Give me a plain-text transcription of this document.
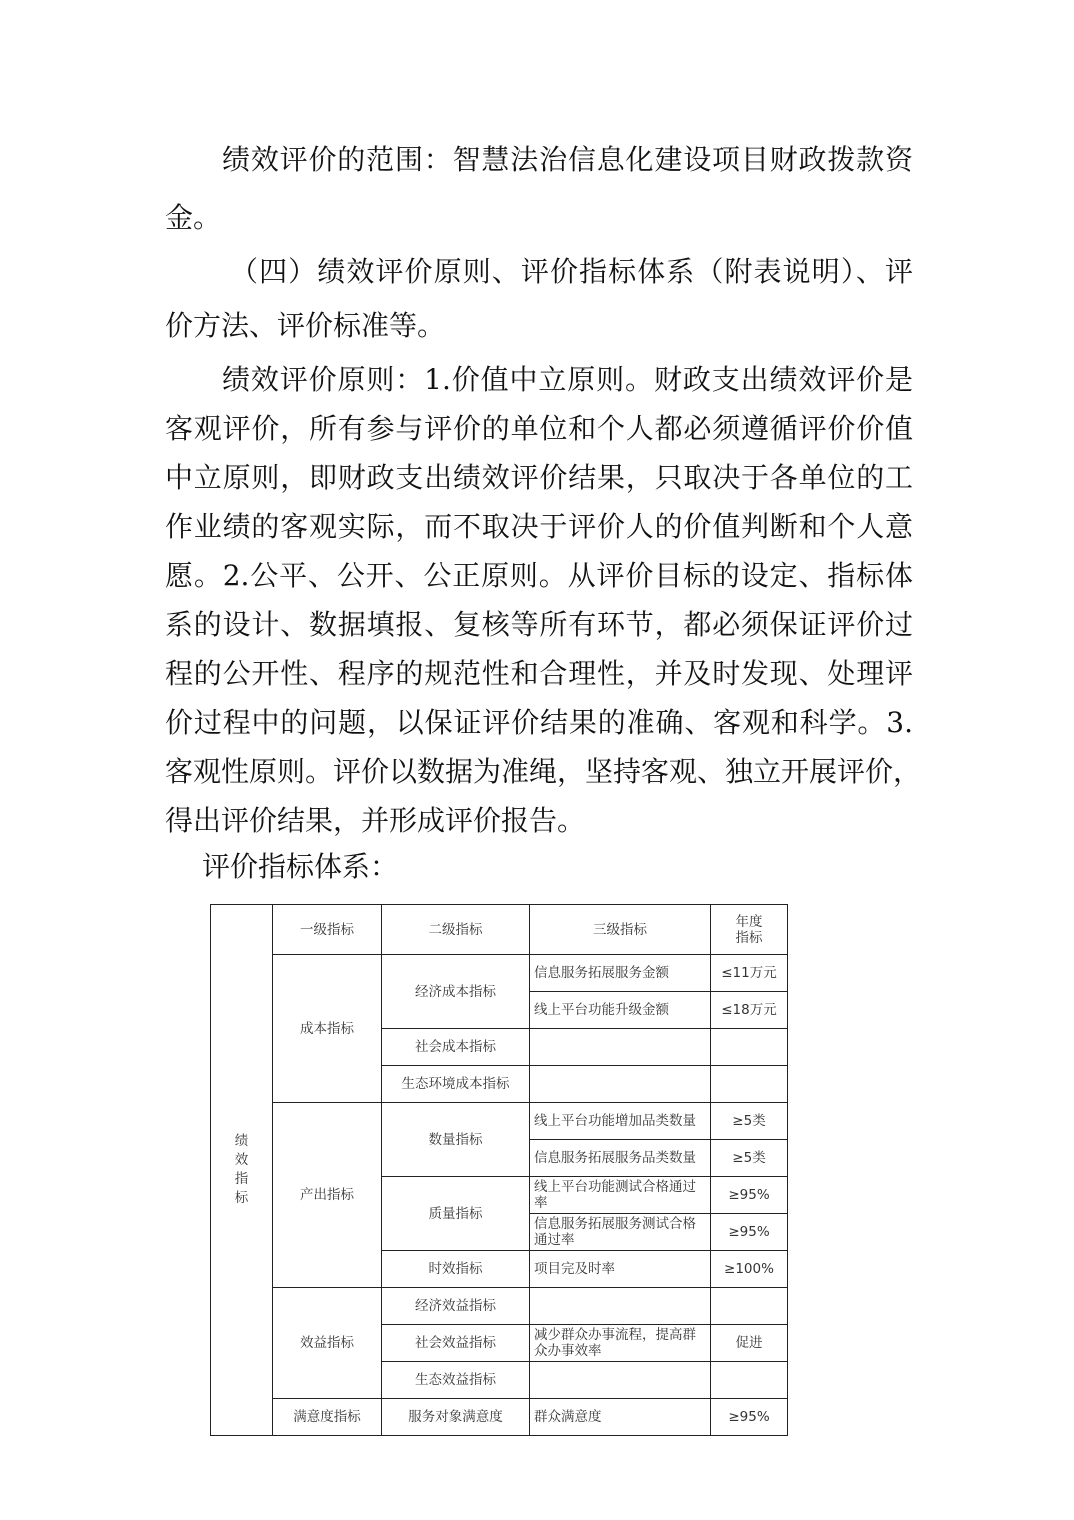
绩效评价的范围：智慧法治信息化建设项目财政拨款资
金。
（四）绩效评价原则、评价指标体系（附表说明）、评
价方法、评价标准等。
绩效评价原则：1.价值中立原则。财政支出绩效评价是
客观评价，所有参与评价的单位和个人都必须遵循评价价值
中立原则，即财政支出绩效评价结果，只取决于各单位的工
作业绩的客观实际，而不取决于评价人的价值判断和个人意
愿。2.公平、公开、公正原则。从评价目标的设定、指标体
系的设计、数据填报、复核等所有环节，都必须保证评价过
程的公开性、程序的规范性和合理性，并及时发现、处理评
价过程中的问题，以保证评价结果的准确、客观和科学。3.
客观性原则。评价以数据为准绳，坚持客观、独立开展评价，
得出评价结果，并形成评价报告。
评价指标体系：
绩效指标	一级指标	二级指标	三级指标	年度指标
	成本指标	经济成本指标	信息服务拓展服务金额	≤11万元
			线上平台功能升级金额	≤18万元
		社会成本指标		
		生态环境成本指标		
	产出指标	数量指标	线上平台功能增加品类数量	≥5类
			信息服务拓展服务品类数量	≥5类
		质量指标	线上平台功能测试合格通过率	≥95%
			信息服务拓展服务测试合格通过率	≥95%
		时效指标	项目完及时率	≥100%
	效益指标	经济效益指标		
		社会效益指标	减少群众办事流程，提高群众办事效率	促进
		生态效益指标		
	满意度指标	服务对象满意度	群众满意度	≥95%
